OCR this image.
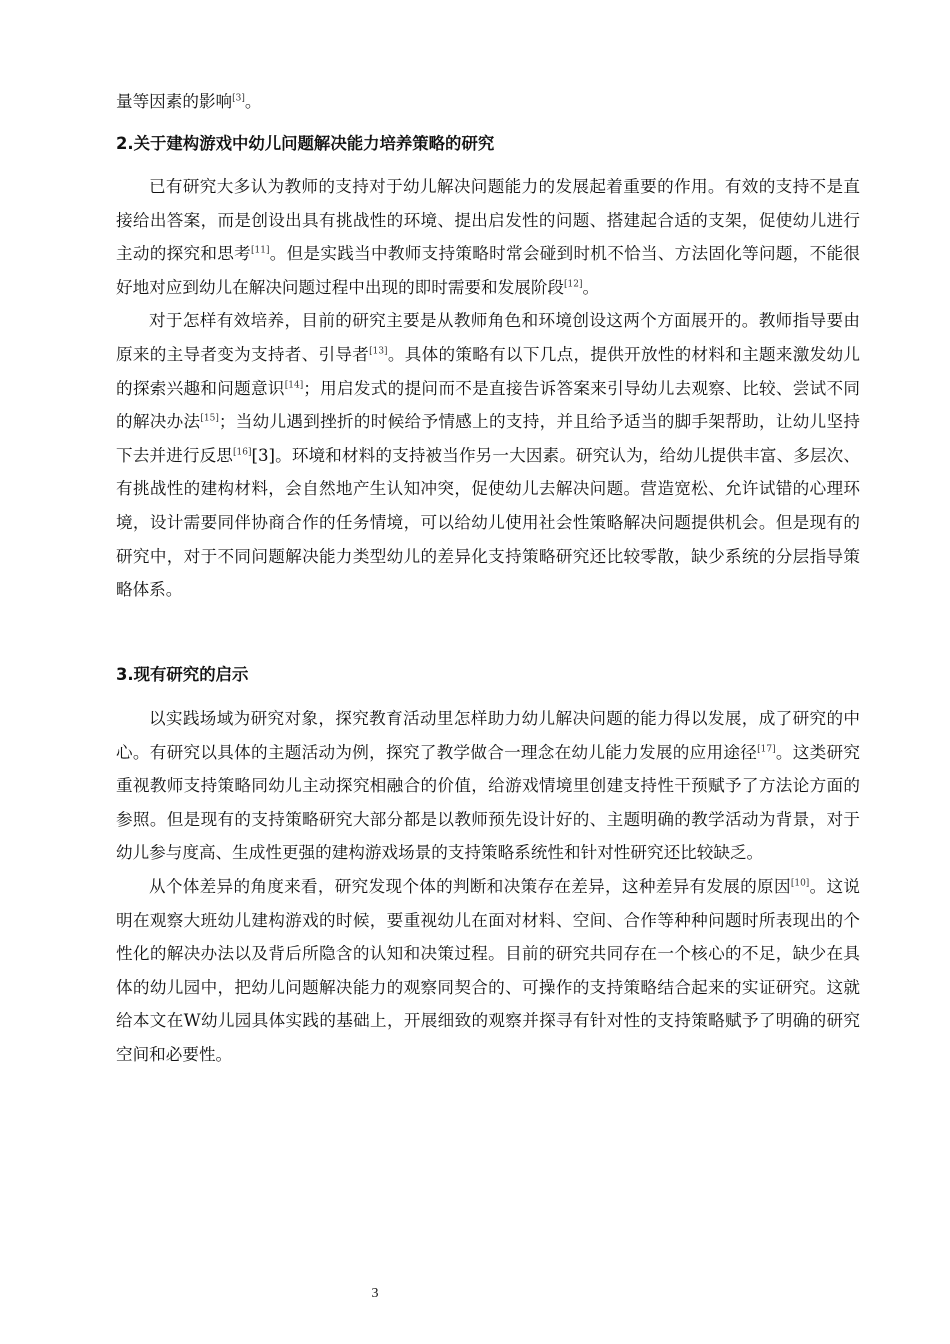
量等因素的影响[3]。

2.关于建构游戏中幼儿问题解决能力培养策略的研究

已有研究大多认为教师的支持对于幼儿解决问题能力的发展起着重要的作用。有效的支持不是直接给出答案，而是创设出具有挑战性的环境、提出启发性的问题、搭建起合适的支架，促使幼儿进行主动的探究和思考[11]。但是实践当中教师支持策略时常会碰到时机不恰当、方法固化等问题，不能很好地对应到幼儿在解决问题过程中出现的即时需要和发展阶段[12]。

对于怎样有效培养，目前的研究主要是从教师角色和环境创设这两个方面展开的。教师指导要由原来的主导者变为支持者、引导者[13]。具体的策略有以下几点，提供开放性的材料和主题来激发幼儿的探索兴趣和问题意识[14]；用启发式的提问而不是直接告诉答案来引导幼儿去观察、比较、尝试不同的解决办法[15]；当幼儿遇到挫折的时候给予情感上的支持，并且给予适当的脚手架帮助，让幼儿坚持下去并进行反思[16][3]。环境和材料的支持被当作另一大因素。研究认为，给幼儿提供丰富、多层次、有挑战性的建构材料，会自然地产生认知冲突，促使幼儿去解决问题。营造宽松、允许试错的心理环境，设计需要同伴协商合作的任务情境，可以给幼儿使用社会性策略解决问题提供机会。但是现有的研究中，对于不同问题解决能力类型幼儿的差异化支持策略研究还比较零散，缺少系统的分层指导策略体系。

3.现有研究的启示

以实践场域为研究对象，探究教育活动里怎样助力幼儿解决问题的能力得以发展，成了研究的中心。有研究以具体的主题活动为例，探究了教学做合一理念在幼儿能力发展的应用途径[17]。这类研究重视教师支持策略同幼儿主动探究相融合的价值，给游戏情境里创建支持性干预赋予了方法论方面的参照。但是现有的支持策略研究大部分都是以教师预先设计好的、主题明确的教学活动为背景，对于幼儿参与度高、生成性更强的建构游戏场景的支持策略系统性和针对性研究还比较缺乏。

从个体差异的角度来看，研究发现个体的判断和决策存在差异，这种差异有发展的原因[10]。这说明在观察大班幼儿建构游戏的时候，要重视幼儿在面对材料、空间、合作等种种问题时所表现出的个性化的解决办法以及背后所隐含的认知和决策过程。目前的研究共同存在一个核心的不足，缺少在具体的幼儿园中，把幼儿问题解决能力的观察同契合的、可操作的支持策略结合起来的实证研究。这就给本文在W幼儿园具体实践的基础上，开展细致的观察并探寻有针对性的支持策略赋予了明确的研究空间和必要性。

3
